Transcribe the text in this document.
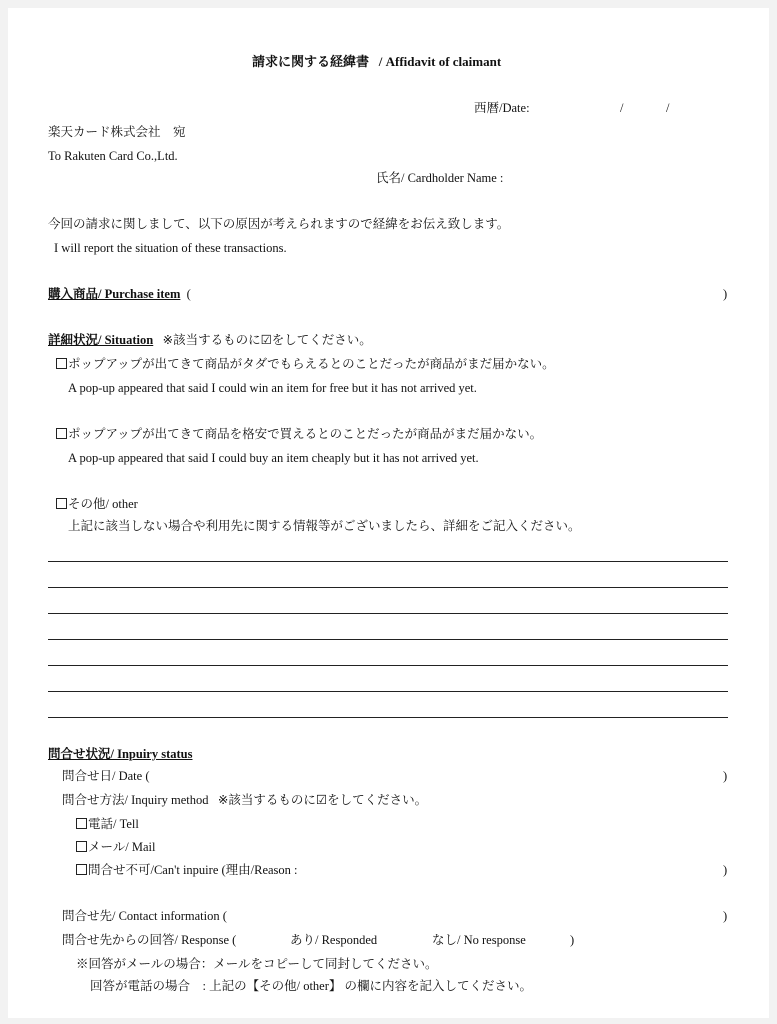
請求に関する経緯書 / Affidavit of claimant
西暦/Date:	/	/
楽天カード株式会社　宛
To Rakuten Card Co.,Ltd.
氏名/ Cardholder Name :
今回の請求に関しまして、以下の原因が考えられますので経緯をお伝え致します。
I will report the situation of these transactions.
購入商品/ Purchase item (	)
詳細状況/ Situation ※該当するものに☑をしてください。
ポップアップが出てきて商品がタダでもらえるとのことだったが商品がまだ届かない。
A pop-up appeared that said I could win an item for free but it has not arrived yet.
ポップアップが出てきて商品を格安で買えるとのことだったが商品がまだ届かない。
A pop-up appeared that said I could buy an item cheaply but it has not arrived yet.
その他/ other
上記に該当しない場合や利用先に関する情報等がございましたら、詳細をご記入ください。
問合せ状況/ Inpuiry status
問合せ日/ Date (	)
問合せ方法/ Inquiry method ※該当するものに☑をしてください。
電話/ Tell
メール/ Mail
問合せ不可/Can't inpuire (理由/Reason :	)
問合せ先/ Contact information (	)
問合せ先からの回答/ Response (	あり/ Responded	なし/ No response	)
※回答がメールの場合：メールをコピーして同封してください。
回答が電話の場合　: 上記の【その他/ other】 の欄に内容を記入してください。
